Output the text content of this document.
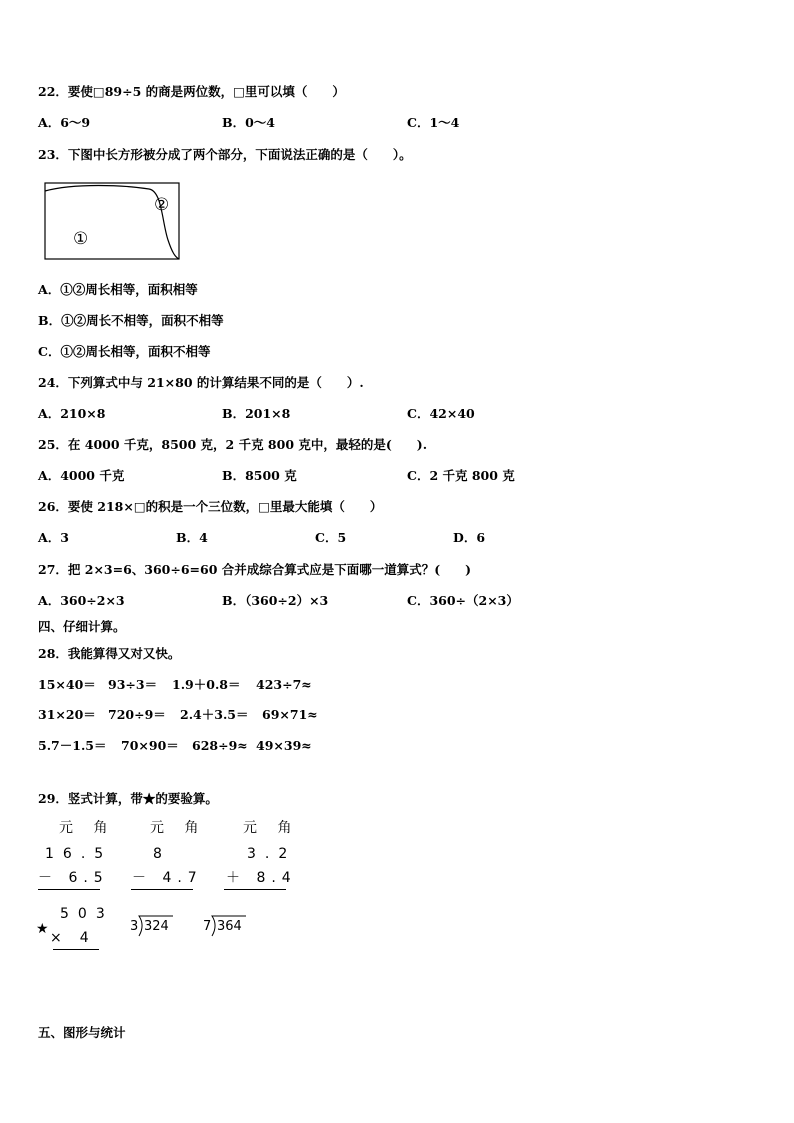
22．要使□89÷5 的商是两位数，□里可以填（　　）
A．6～9	B．0～4	C．1～4
23．下图中长方形被分成了两个部分，下面说法正确的是（　　）。
①
②
A．①②周长相等，面积相等
B．①②周长不相等，面积不相等
C．①②周长相等，面积不相等
24．下列算式中与 21×80 的计算结果不同的是（　　）.
A．210×8	B．201×8	C．42×40
25．在 4000 千克，8500 克，2 千克 800 克中，最轻的是(　　).
A．4000 千克	B．8500 克	C．2 千克 800 克
26．要使 218×□的积是一个三位数，□里最大能填（　　）
A．3	B．4	C．5	D．6
27．把 2×3=6、360÷6=60 合并成综合算式应是下面哪一道算式？(　　)
A．360÷2×3	B．（360÷2）×3	C．360÷（2×3）
四、仔细计算。
28．我能算得又对又快。
15×40＝ 93÷3＝ 1.9＋0.8＝ 423÷7≈
31×20＝ 720÷9＝ 2.4＋3.5＝ 69×71≈
5.7－1.5＝ 70×90＝ 628÷9≈ 49×39≈
29．竖式计算，带★的要验算。
元 角
16.5
－ 6.5
元 角
8
－ 4.7
元 角
3.2
＋ 8.4
★
503
×　4
3 324	7 364
五、图形与统计
